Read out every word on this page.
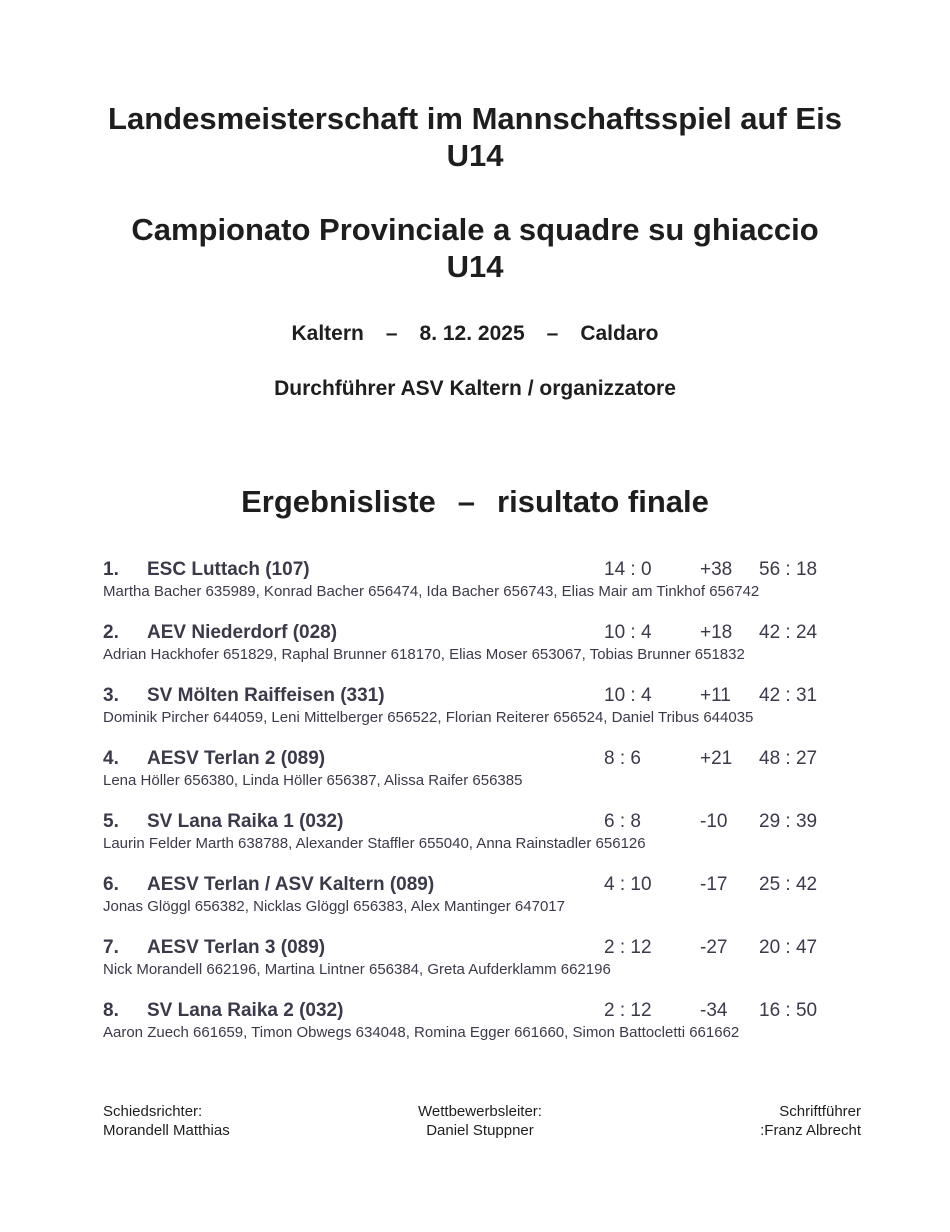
Landesmeisterschaft im Mannschaftsspiel auf Eis
U14
Campionato Provinciale a squadre su ghiaccio
U14
Kaltern – 8. 12. 2025 – Caldaro
Durchführer ASV Kaltern / organizzatore
Ergebnisliste – risultato finale
1. ESC Luttach (107)	14 : 0	+38 56 : 18
Martha Bacher 635989, Konrad Bacher 656474, Ida Bacher 656743, Elias Mair am Tinkhof 656742
2. AEV Niederdorf (028)	10 : 4	+18 42 : 24
Adrian Hackhofer 651829, Raphal Brunner 618170, Elias Moser 653067, Tobias Brunner 651832
3. SV Mölten Raiffeisen (331)	10 : 4	+11 42 : 31
Dominik Pircher 644059, Leni Mittelberger 656522, Florian Reiterer 656524, Daniel Tribus 644035
4. AESV Terlan 2 (089)	8 : 6	+21 48 : 27
Lena Höller 656380, Linda Höller 656387, Alissa Raifer 656385
5. SV Lana Raika 1 (032)	6 : 8	-10 29 : 39
Laurin Felder Marth 638788, Alexander Staffler 655040, Anna Rainstadler 656126
6. AESV Terlan / ASV Kaltern (089)	4 : 10	-17 25 : 42
Jonas Glöggl 656382, Nicklas Glöggl 656383, Alex Mantinger 647017
7. AESV Terlan 3 (089)	2 : 12	-27 20 : 47
Nick Morandell 662196, Martina Lintner 656384, Greta Aufderklamm 662196
8. SV Lana Raika 2 (032)	2 : 12	-34 16 : 50
Aaron Zuech 661659, Timon Obwegs 634048, Romina Egger 661660, Simon Battocletti 661662
Schiedsrichter:
Morandell Matthias
Wettbewerbsleiter:
Daniel Stuppner
Schriftführer
:Franz Albrecht
